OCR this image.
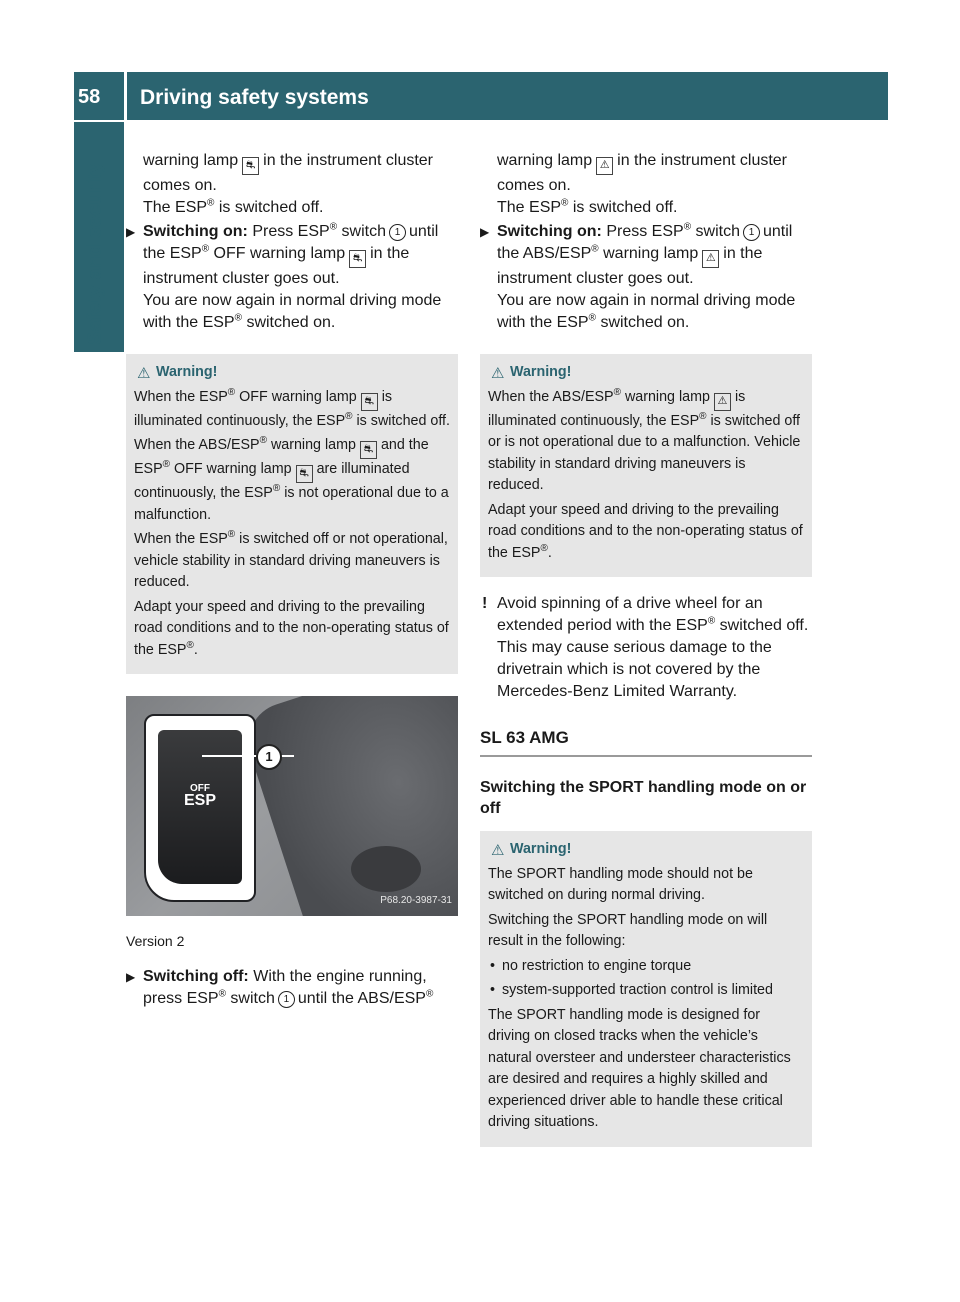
58	Driving safety systems
Safety and security

warning lamp ⛐ in the instrument cluster comes on.

The ESP® is switched off.

▶ Switching on: Press ESP® switch 1 until the ESP® OFF warning lamp ⛐ in the instrument cluster goes out.

You are now again in normal driving mode with the ESP® switched on.

⚠ Warning!

When the ESP® OFF warning lamp ⛐ is illuminated continuously, the ESP® is switched off.

When the ABS/ESP® warning lamp ⛐ and the ESP® OFF warning lamp ⛐ are illuminated continuously, the ESP® is not operational due to a malfunction.

When the ESP® is switched off or not operational, vehicle stability in standard driving maneuvers is reduced.

Adapt your speed and driving to the prevailing road conditions and to the non-operating status of the ESP®.

OFF
ESP
1
P68.20-3987-31

Version 2

▶ Switching off: With the engine running, press ESP® switch 1 until the ABS/ESP®

warning lamp ⚠ in the instrument cluster comes on.

The ESP® is switched off.

▶ Switching on: Press ESP® switch 1 until the ABS/ESP® warning lamp ⚠ in the instrument cluster goes out.

You are now again in normal driving mode with the ESP® switched on.

⚠ Warning!

When the ABS/ESP® warning lamp ⚠ is illuminated continuously, the ESP® is switched off or is not operational due to a malfunction. Vehicle stability in standard driving maneuvers is reduced.

Adapt your speed and driving to the prevailing road conditions and to the non-operating status of the ESP®.

! Avoid spinning of a drive wheel for an extended period with the ESP® switched off. This may cause serious damage to the drivetrain which is not covered by the Mercedes-Benz Limited Warranty.

SL 63 AMG
Switching the SPORT handling mode on or off
⚠ Warning!

The SPORT handling mode should not be switched on during normal driving.

Switching the SPORT handling mode on will result in the following:

• no restriction to engine torque
• system-supported traction control is limited

The SPORT handling mode is designed for driving on closed tracks when the vehicle’s natural oversteer and understeer characteristics are desired and requires a highly skilled and experienced driver able to handle these critical driving situations.
